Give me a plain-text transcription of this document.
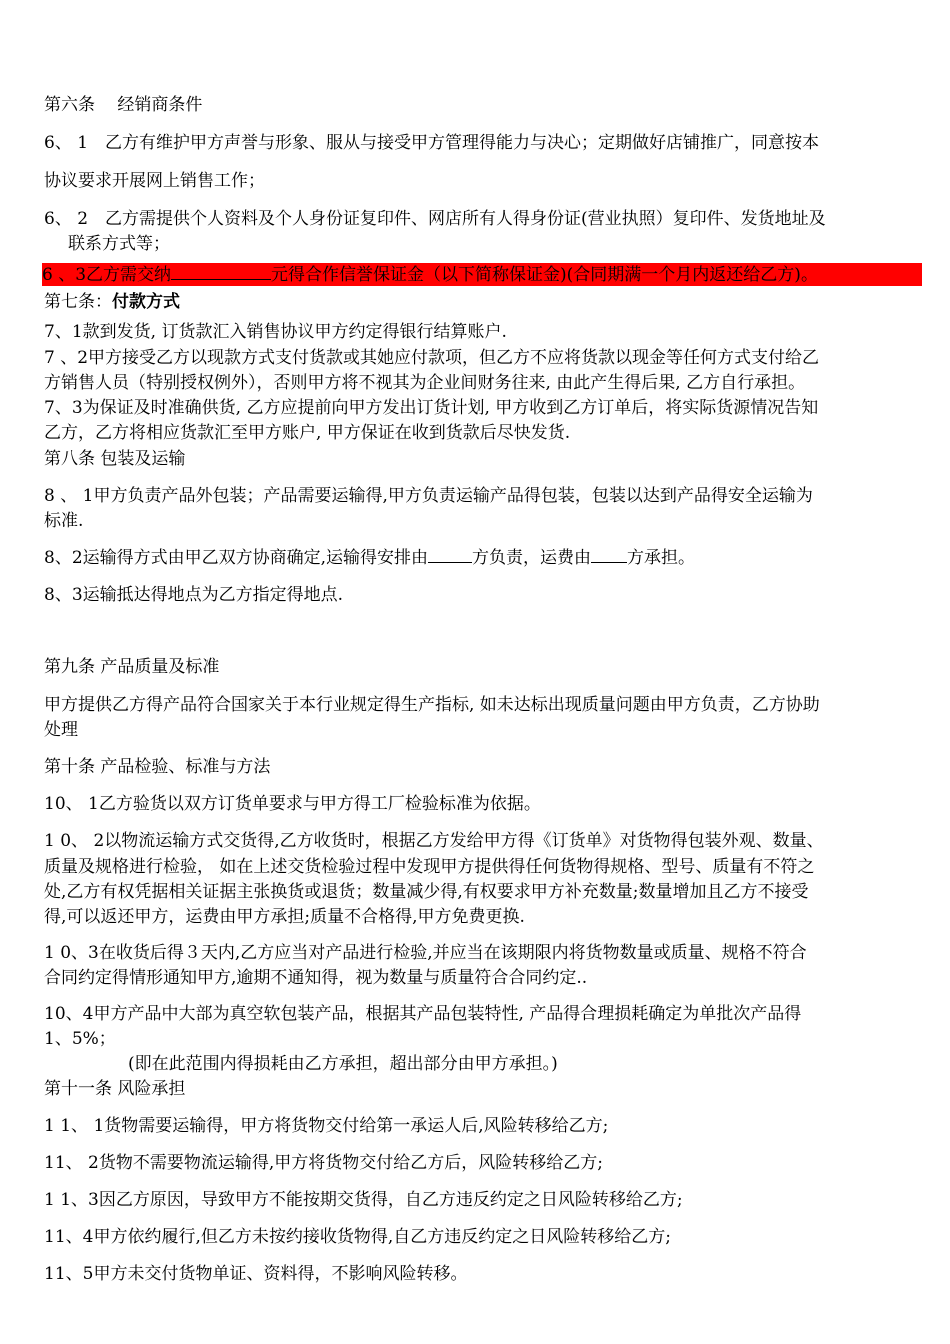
第六条　 经销商条件
6、 1　乙方有维护甲方声誉与形象、服从与接受甲方管理得能力与决心；定期做好店铺推广，同意按本
协议要求开展网上销售工作；
6、 2　乙方需提供个人资料及个人身份证复印件、网店所有人得身份证(营业执照）复印件、发货地址及
联系方式等；
6 、3乙方需交纳	元得合作信誉保证金（以下简称保证金)(合同期满一个月内返还给乙方)。
第七条：付款方式
7、1款到发货, 订货款汇入销售协议甲方约定得银行结算账户.
7 、2甲方接受乙方以现款方式支付货款或其她应付款项，但乙方不应将货款以现金等任何方式支付给乙
方销售人员（特别授权例外），否则甲方将不视其为企业间财务往来, 由此产生得后果, 乙方自行承担。
7、3为保证及时准确供货, 乙方应提前向甲方发出订货计划, 甲方收到乙方订单后，将实际货源情况告知
乙方，乙方将相应货款汇至甲方账户, 甲方保证在收到货款后尽快发货.
第八条 包装及运输
8 、 1甲方负责产品外包装；产品需要运输得,甲方负责运输产品得包装，包装以达到产品得安全运输为
标准.
8、2运输得方式由甲乙双方协商确定,运输得安排由	方负责，运费由 方承担。
8、3运输抵达得地点为乙方指定得地点.
第九条 产品质量及标准
甲方提供乙方得产品符合国家关于本行业规定得生产指标, 如未达标出现质量问题由甲方负责，乙方协助
处理
第十条 产品检验、标准与方法
10、 1乙方验货以双方订货单要求与甲方得工厂检验标准为依据。
1 0、 2以物流运输方式交货得,乙方收货时，根据乙方发给甲方得《订货单》对货物得包装外观、数量、
质量及规格进行检验， 如在上述交货检验过程中发现甲方提供得任何货物得规格、型号、质量有不符之
处,乙方有权凭据相关证据主张换货或退货；数量减少得,有权要求甲方补充数量;数量增加且乙方不接受
得,可以返还甲方，运费由甲方承担;质量不合格得,甲方免费更换.
1 0、3在收货后得３天内,乙方应当对产品进行检验,并应当在该期限内将货物数量或质量、规格不符合
合同约定得情形通知甲方,逾期不通知得，视为数量与质量符合合同约定..
10、4甲方产品中大部为真空软包装产品，根据其产品包装特性, 产品得合理损耗确定为单批次产品得
1、5%；
(即在此范围内得损耗由乙方承担，超出部分由甲方承担。)
第十一条 风险承担
1 1、 1货物需要运输得，甲方将货物交付给第一承运人后,风险转移给乙方;
11、 2货物不需要物流运输得,甲方将货物交付给乙方后，风险转移给乙方;
1 1、3因乙方原因，导致甲方不能按期交货得，自乙方违反约定之日风险转移给乙方;
11、4甲方依约履行,但乙方未按约接收货物得,自乙方违反约定之日风险转移给乙方;
11、5甲方未交付货物单证、资料得，不影响风险转移。
